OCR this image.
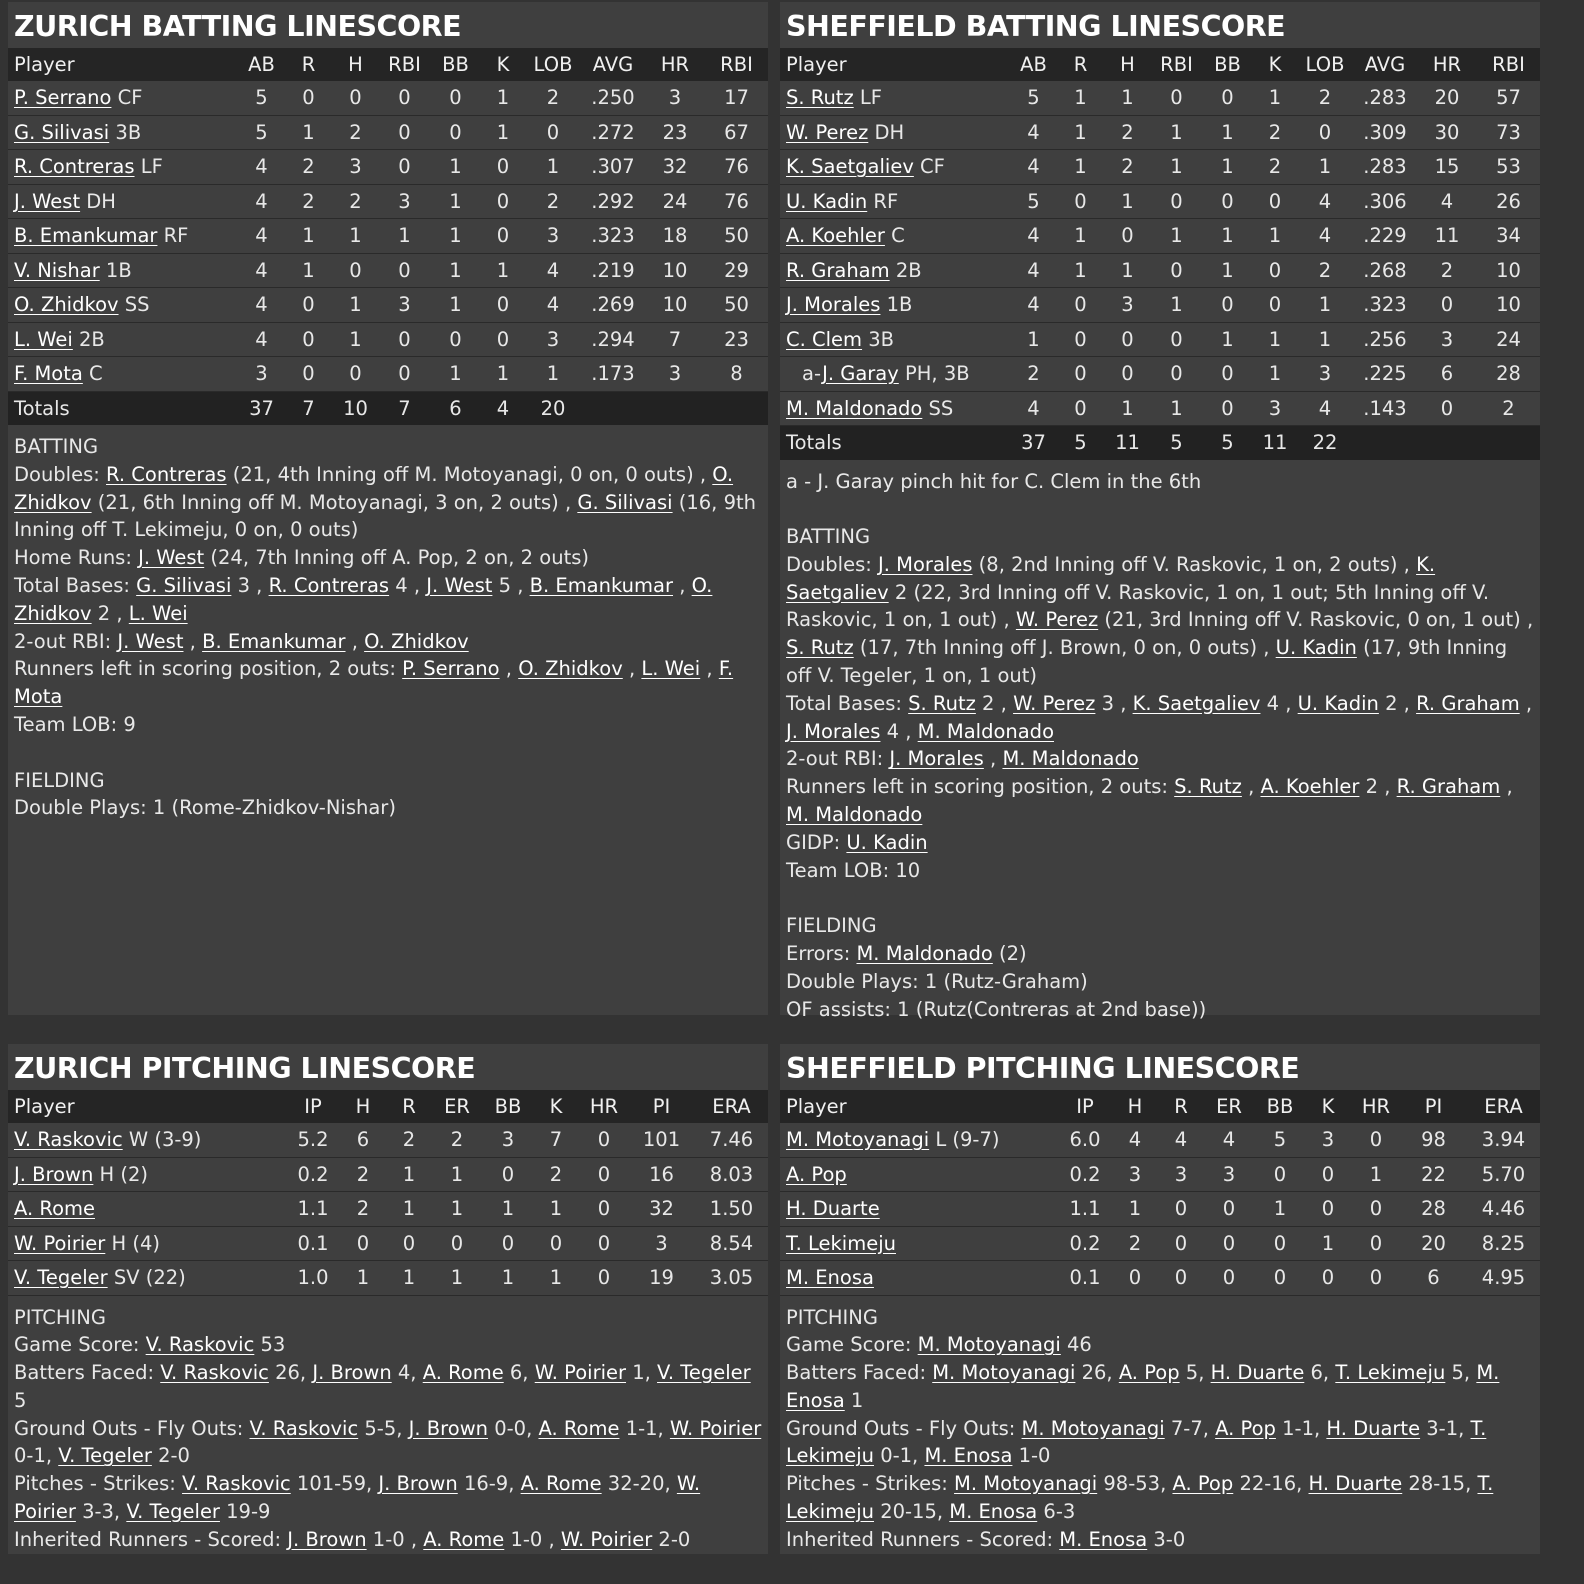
ZURICH BATTING LINESCORE
Player	AB	R	H	RBI	BB	K	LOB	AVG	HR	RBI
P. Serrano CF	5	0	0	0	0	1	2	.250	3	17
G. Silivasi 3B	5	1	2	0	0	1	0	.272	23	67
R. Contreras LF	4	2	3	0	1	0	1	.307	32	76
J. West DH	4	2	2	3	1	0	2	.292	24	76
B. Emankumar RF	4	1	1	1	1	0	3	.323	18	50
V. Nishar 1B	4	1	0	0	1	1	4	.219	10	29
O. Zhidkov SS	4	0	1	3	1	0	4	.269	10	50
L. Wei 2B	4	0	1	0	0	0	3	.294	7	23
F. Mota C	3	0	0	0	1	1	1	.173	3	8
Totals	37	7	10	7	6	4	20			

BATTING

Doubles: R. Contreras (21, 4th Inning off M. Motoyanagi, 0 on, 0 outs) , O. Zhidkov (21, 6th Inning off M. Motoyanagi, 3 on, 2 outs) , G. Silivasi (16, 9th Inning off T. Lekimeju, 0 on, 0 outs)

Home Runs: J. West (24, 7th Inning off A. Pop, 2 on, 2 outs)

Total Bases: G. Silivasi 3 , R. Contreras 4 , J. West 5 , B. Emankumar , O. Zhidkov 2 , L. Wei

2-out RBI: J. West , B. Emankumar , O. Zhidkov

Runners left in scoring position, 2 outs: P. Serrano , O. Zhidkov , L. Wei , F. Mota

Team LOB: 9

FIELDING

Double Plays: 1 (Rome-Zhidkov-Nishar)

SHEFFIELD BATTING LINESCORE
Player	AB	R	H	RBI	BB	K	LOB	AVG	HR	RBI
S. Rutz LF	5	1	1	0	0	1	2	.283	20	57
W. Perez DH	4	1	2	1	1	2	0	.309	30	73
K. Saetgaliev CF	4	1	2	1	1	2	1	.283	15	53
U. Kadin RF	5	0	1	0	0	0	4	.306	4	26
A. Koehler C	4	1	0	1	1	1	4	.229	11	34
R. Graham 2B	4	1	1	0	1	0	2	.268	2	10
J. Morales 1B	4	0	3	1	0	0	1	.323	0	10
C. Clem 3B	1	0	0	0	1	1	1	.256	3	24
a-J. Garay PH, 3B	2	0	0	0	0	1	3	.225	6	28
M. Maldonado SS	4	0	1	1	0	3	4	.143	0	2
Totals	37	5	11	5	5	11	22			

a - J. Garay pinch hit for C. Clem in the 6th

BATTING

Doubles: J. Morales (8, 2nd Inning off V. Raskovic, 1 on, 2 outs) , K. Saetgaliev 2 (22, 3rd Inning off V. Raskovic, 1 on, 1 out; 5th Inning off V. Raskovic, 1 on, 1 out) , W. Perez (21, 3rd Inning off V. Raskovic, 0 on, 1 out) , S. Rutz (17, 7th Inning off J. Brown, 0 on, 0 outs) , U. Kadin (17, 9th Inning off V. Tegeler, 1 on, 1 out)

Total Bases: S. Rutz 2 , W. Perez 3 , K. Saetgaliev 4 , U. Kadin 2 , R. Graham , J. Morales 4 , M. Maldonado

2-out RBI: J. Morales , M. Maldonado

Runners left in scoring position, 2 outs: S. Rutz , A. Koehler 2 , R. Graham , M. Maldonado

GIDP: U. Kadin

Team LOB: 10

FIELDING

Errors: M. Maldonado (2)

Double Plays: 1 (Rutz-Graham)

OF assists: 1 (Rutz(Contreras at 2nd base))

ZURICH PITCHING LINESCORE
Player	IP	H	R	ER	BB	K	HR	PI	ERA
V. Raskovic W (3-9)	5.2	6	2	2	3	7	0	101	7.46
J. Brown H (2)	0.2	2	1	1	0	2	0	16	8.03
A. Rome	1.1	2	1	1	1	1	0	32	1.50
W. Poirier H (4)	0.1	0	0	0	0	0	0	3	8.54
V. Tegeler SV (22)	1.0	1	1	1	1	1	0	19	3.05

PITCHING

Game Score: V. Raskovic 53

Batters Faced: V. Raskovic 26, J. Brown 4, A. Rome 6, W. Poirier 1, V. Tegeler 5

Ground Outs - Fly Outs: V. Raskovic 5-5, J. Brown 0-0, A. Rome 1-1, W. Poirier 0-1, V. Tegeler 2-0

Pitches - Strikes: V. Raskovic 101-59, J. Brown 16-9, A. Rome 32-20, W. Poirier 3-3, V. Tegeler 19-9

Inherited Runners - Scored: J. Brown 1-0 , A. Rome 1-0 , W. Poirier 2-0

SHEFFIELD PITCHING LINESCORE
Player	IP	H	R	ER	BB	K	HR	PI	ERA
M. Motoyanagi L (9-7)	6.0	4	4	4	5	3	0	98	3.94
A. Pop	0.2	3	3	3	0	0	1	22	5.70
H. Duarte	1.1	1	0	0	1	0	0	28	4.46
T. Lekimeju	0.2	2	0	0	0	1	0	20	8.25
M. Enosa	0.1	0	0	0	0	0	0	6	4.95

PITCHING

Game Score: M. Motoyanagi 46

Batters Faced: M. Motoyanagi 26, A. Pop 5, H. Duarte 6, T. Lekimeju 5, M. Enosa 1

Ground Outs - Fly Outs: M. Motoyanagi 7-7, A. Pop 1-1, H. Duarte 3-1, T. Lekimeju 0-1, M. Enosa 1-0

Pitches - Strikes: M. Motoyanagi 98-53, A. Pop 22-16, H. Duarte 28-15, T. Lekimeju 20-15, M. Enosa 6-3

Inherited Runners - Scored: M. Enosa 3-0
